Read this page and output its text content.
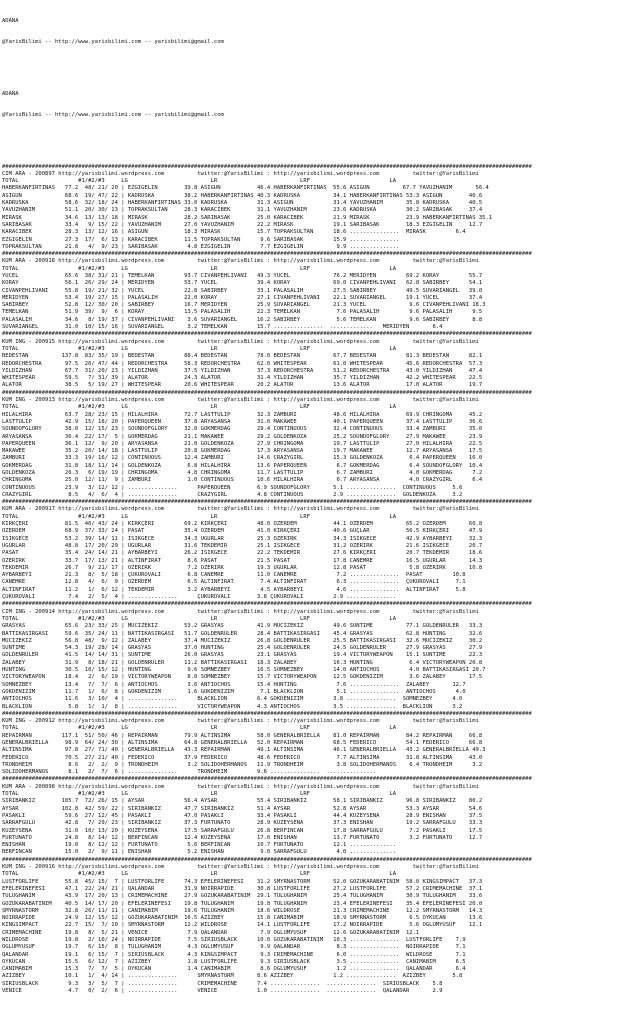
ADANA

@YarisBilimi -- http://www.yarisbilimi.com -- yarisbilimi@gmail.com

ADANA

@YarisBilimi -- http://www.yarisbilimi.com -- yarisbilimi@gmail.com

################################################################################################################################################################
CIM ARA - 200897 http://yarisbilimi.wordpress.com          twitter:@YarisBilimi : http://yarisbilimi.wordpress.com          twitter:@YarisBilimi
TOTAL                  #1/#2/#3     LG                         LR                         LRF                        LA
HABERKANFIRTINAS   77.2  48/ 21/ 20 | EZGIGELIN        39.8 ASIGÜN           46.4 HABERKANFIRTINAS  55.6 ASIGÜN          67.7 YAVUZHANIM       56.4
ASIGÜN             68.6  19/ 47/ 22 | KADRUSKA         38.2 HABERKANFIRTINAS 40.3 KADRUSKA          34.1 HABERKANFIRTINAS 53.3 ASIGÜN        40.6
KADRUSKA           58.6  32/ 18/ 24 | HABERKANFIRTINAS 33.0 KADRUSKA         31.3 ASIGÜN            31.4 YAVUZHANIM       35.8 KADRUSKA      40.5
YAVUZHANIM         51.1  20/ 30/ 13 | TOPRAKSULTAN     28.3 KARACIBEK        31.1 YAVUZHANIM        23.6 KADRUSKA         30.2 SARIBASAK     37.4
MIRASK             34.6  13/ 13/ 18 | MIRASK           28.2 SARIBASAK        25.0 KARACIBEK         21.9 MIRASK           23.9 HABERKANFIRTINAS 35.1
SARIBASAK          33.4   9/ 15/ 22 | YAVUZHANIM       27.0 YAVUZHANIM       22.2 MIRASK            19.1 SARIBASAK        18.3 EZGIGELIN     12.7
KARACIBEK          28.3  13/ 12/ 16 | ASIGÜN           18.3 MIRASK           15.7 TOPRAKSULTAN      18.6 ...............  MIRASK         6.4
EZGIGELIN          27.3  17/  6/ 13 | KARACIBEK        11.5 TOPRAKSULTAN      9.6 SARIBASAK         15.9 ...............
TOPRAKSULTAN       21.8   4/  9/ 23 | SARIBASAK         4.8 EZGIGELIN         7.7 EZGIGELIN          9.9 ...............
################################################################################################################################################################
KUM ARA - 200918 http://yarisbilimi.wordpress.com          twitter:@YarisBilimi : http://yarisbilimi.wordpress.com          twitter:@YarisBilimi
TOTAL                  #1/#2/#3     LG                         LR                         LRF                        LA
YÜCEL              65.6  38/ 31/ 21 | TEMELKAN         93.7 CIVANPEHLIVANI   49.3 YÜCEL             76.2 MERIDYEN         69.2 KORAY         55.7
KORAY              56.1  26/ 29/ 24 | MERIDYEN         53.7 YÜCEL            39.4 KORAY             69.0 CIVANPEHLIVANI   62.8 SABIRBEY      54.1
CIVANPEHLIVANI     55.8  19/ 21/ 32 | YÜCEL            22.8 SABIRBEY         33.1 PALASALIH         27.5 SABIRBEY         49.5 SÜVARIANGEL   39.0
MERIDYEN           53.4  19/ 27/ 15 | PALASALIH        22.0 KORAY            27.1 CIVANPEHLIVANI    22.1 SÜVARIANGEL      19.1 YÜCEL         37.4
SABIRBEY           52.8  12/ 30/ 20 | SABIRBEY         16.7 MERIDYEN         25.9 SÜVARIANGEL       21.3 YÜCEL             9.6 CIVANPEHLIVANI 18.3
TEMELKAN           51.9  39/  9/  6 | KORAY            13.5 PALASALIH        22.3 TEMELKAN           7.6 PALASALIH         9.6 PALASALIH      9.5
PALASALIH          34.6   8/ 19/ 37 | CIVANPEHLIVANI    3.6 SÜVARIANGEL      16.2 SABIRBEY           5.6 TEMELKAN          9.6 SABIRBEY       8.8
SÜVARIANGEL        31.0  10/ 15/ 16 | SÜVARIANGEL       3.2 TEMELKAN         15.7 ...............  .............   MERIDYEN       6.4
################################################################################################################################################################
KUM ING - 200915 http://yarisbilimi.wordpress.com          twitter:@YarisBilimi : http://yarisbilimi.wordpress.com          twitter:@YarisBilimi
TOTAL                  #1/#2/#3     LG                         LR                         LRF                        LA
BEDESTAN          137.8  83/ 35/ 19 | BEDESTAN         88.4 BEDESTAN         78.0 BEDESTAN          67.7 BEDESTAN         81.3 BEDESTAN      82.1
REDORCHESTRA       97.5  26/ 47/ 44 | REDORCHESTRA     58.3 REDORCHESTRA     62.0 WHITESPEAR        61.0 WHITESPEAR       45.6 REDORCHESTRA  57.3
YILDIZHAN          67.7  31/ 20/ 23 | YILDIZHAN        37.5 YILDIZHAN        37.3 REDORCHESTRA      51.2 REDORCHESTRA     43.0 YILDIZHAN     47.4
WHITESPEAR         59.5   7/ 31/ 39 | ALATOR           24.3 ALATOR           31.4 YILDIZHAN         35.7 YILDIZHAN        42.2 WHITESPEAR    22.5
ALATOR             38.5   5/ 19/ 27 | WHITESPEAR       20.6 WHITESPEAR       20.2 ALATOR            13.6 ALATOR           17.0 ALATOR        19.7
################################################################################################################################################################
KUM ING - 200913 http://yarisbilimi.wordpress.com          twitter:@YarisBilimi : http://yarisbilimi.wordpress.com          twitter:@YarisBilimi
TOTAL                  #1/#2/#3     LG                         LR                         LRF                        LA
HILALHIRA          63.7  28/ 23/ 15 | HILALHIRA        72.7 LASTTULIP        32.3 ZAMBURI           48.6 HILALHIRA        69.9 CHRINGOMA     45.2
LASTTULIP          42.9  15/ 18/ 20 | PAPERQUEEN       37.8 ARYASANSA        31.0 MAKAWEE           40.1 PAPERQUEEN       37.4 LASTTULIP     36.6
SOUNDOFGLORY       38.0  12/ 15/ 23 | SOUNDOFGLORY     32.0 GÖKMERDAG        29.4 CONTINUOUS        32.4 CONTINUOUS       33.4 ZAMBURI       35.0
ARYASANSA          36.4  22/ 17/  5 | GÖKMERDAG        21.1 MAKAWEE          29.2 GOLDENKOZA        25.2 SOUNDOFGLORY     27.9 MAKAWEE       23.9
PAPERQUEEN         36.1  12/  9/ 20 | ARYASANSA        21.0 GOLDENKOZA       27.9 CHRINGOMA         19.7 LASTTULIP        27.0 HILALHIRA     22.5
MAKAWEE            35.2  20/ 14/ 18 | LASTTULIP        20.8 GÖKMERDAG        17.3 ARYASANSA         19.7 MAKAWEE          12.7 ARYASANSA     17.5
ZAMBURI            33.3  19/ 16/ 12 | CONTINUOUS       12.4 ZAMBURI          14.6 CRAZYGIRL         15.3 GOLDENKOZA        6.4 PAPERQUEEN    16.0
GÖKMERDAG          31.8  18/ 11/ 14 | GOLDENKOZA        6.8 HILALHIRA        13.6 PAPERQUEEN         6.7 GÖKMERDAG         6.4 SOUNDOFGLORY  10.4
GOLDENKOZA         26.3   6/ 19/ 19 | CHRINGOMA         4.8 CHRINGOMA        11.7 LASTTULIP          6.7 ZAMBURI           4.0 GÖKMERDAG      7.2
CHRINGOMA          25.0  12/ 11/  9 | ZAMBURI           1.0 CONTINUOUS       10.6 HILALHIRA          6.7 ARYASANSA         4.0 CRAZYGIRL      6.4
CONTINUOUS         23.9   3/ 12/ 12 | ...............      PAPERQUEEN        6.9 SOUNDOFGLORY       5.1 ...............  CONTINUOUS     5.6
CRAZYGIRL           8.5   4/  6/  4 | ...............      CRAZYGIRL         4.8 CONTINUOUS         2.9 ...............  GOLDENKOZA     3.2
################################################################################################################################################################
KUM ARA - 200917 http://yarisbilimi.wordpress.com          twitter:@YarisBilimi : http://yarisbilimi.wordpress.com          twitter:@YarisBilimi
TOTAL                  #1/#2/#3     LG                         LR                         LRF                        LA
KIRKÇERI           81.5  46/ 43/ 24 | KIRKÇERI         69.2 KIRKÇERI         48.0 ÖZERDEM           44.1 ÖZERDEM          65.2 ÖZERDEM       60.8
ÖZERDEM            68.9  37/ 33/ 24 | PASAT            35.4 ÖZERDEM          41.0 KIRKÇERI          40.6 GUÇLAR           56.5 KIRKÇERI      47.9
ISIKGECE           53.2  39/ 14/ 11 | ISIKGECE         34.3 UGURLAR          25.3 ÖZERIRK           34.3 ISIKGECE         42.9 AYBARBEYI     32.3
UGURLAR            48.8  17/ 20/ 29 | UGURLAR          31.6 TEKDEMIR         25.1 ISIKGECE          31.2 ÖZERIRK          21.6 ISIKGECE      20.7
PASAT              35.4  24/ 14/ 21 | AYBARBEYI        26.2 ISIKGECE         22.2 TEKDEMIR          27.6 KIRKÇERI         20.7 TEKDEMIR      18.6
ÖZERIRK            33.7  17/ 13/ 21 | ALTINFIRAT        8.6 PASAT            21.5 PASAT             17.8 CANEMRE          16.5 UGURLAR       14.3
TEKDEMIR           26.7   9/ 21/ 17 | ÖZERIRK           7.2 ÖZERIRK          19.3 UGURLAR           12.8 PASAT             5.8 ÖZERIRK       10.8
AYBARBEYI          21.3   8/  5/ 18 | ÇUKUROVALI        6.8 CANEMRE          11.0 CANEMRE            7.2 ...............  PASAT         10.8
CANEMRE            12.8   4/  6/  9 | ÖZERDEM           6.5 ALTINFIRAT        7.4 ALTINFIRAT         6.3 ...............  ÇUKUROVALI     7.1
ALTINFIRAT         11.2   1/  6/ 12 | TEKDEMIR          3.2 AYBARBEYI         4.5 AYBARBEYI          4.6 ...............  ALTINFIRAT     5.8
ÇUKUROVALI          7.4   2/  5/  4 | ...............      ÇUKUROVALI        3.8 ÇUKUROVALI         2.9 ...............
################################################################################################################################################################
CIM ING - 200914 http://yarisbilimi.wordpress.com          twitter:@YarisBilimi : http://yarisbilimi.wordpress.com          twitter:@YarisBilimi
TOTAL                  #1/#2/#3     LG                         LR                         LRF                        LA
GRASYAS            65.6  23/ 33/ 25 | MUCIZEKIZ        53.2 GRASYAS          41.9 MUCIZEKIZ         49.6 SUNTIME          77.1 GOLDENRULER   33.3
BATTIKASIRGASI     59.6  35/ 24/ 11 | BATTIKASIRGASI   51.7 GOLDENRULER      28.4 BATTIKASIRGASI    45.4 GRASYAS          62.8 HUNTING       32.6
MUCIZEKIZ          56.8  48/  9/ 12 | ZALABEY          37.4 MUCIZEKIZ        26.8 GOLDENRULER       25.5 BATTIKASIRGASI   32.6 MUCIZEKIZ     30.2
SUNTIME            54.3  19/ 28/ 14 | GRASYAS          37.0 HUNTING          25.4 GOLDENRULER       24.5 GOLDENRULER      27.9 GRASYAS       27.9
GOLDENRULER        41.5  14/ 14/ 31 | SUNTIME          26.0 GRASYAS          23.1 GRASYAS           19.4 VICTORYWEAPON    15.1 SUNTIME       22.3
ZALABEY            31.9   8/ 18/ 21 | GOLDENRULER      11.2 BATTIKASIRGASI   18.3 ZALABEY           16.3 HUNTING           6.4 VICTORYWEAPON 20.8
HUNTING            30.5  10/ 15/ 12 | HUNTING           9.6 SÖMNEZBEY        16.5 SÖMNEZBEY         14.0 ANTIOCHOS         4.0 BATTIKASIRGASI 20.7
VICTORYWEAPON      18.4   2/  6/ 19 | VICTORYWEAPON     8.0 SÖMNEZBEY        15.7 VICTORYWEAPON     12.5 GÖKDENIZIM        3.6 ZALABEY       17.5
SÖMNEZBEY          13.4   7/  7/  6 | ANTIOCHOS         3.6 ANTIOCHOS        15.4 HUNTING            7.6 ...............  ZALABEY       12.7
GÖKDENIZIM         11.7   1/  6/  8 | GÖKDENIZIM        1.6 GÖKDENIZIM        7.1 BLACKLION          5.1 ...............  ANTIOCHOS      4.0
ANTIOCHOS          11.6   3/ 10/  4 | ...............      BLACKLION         6.4 GÖKDENIZIM         3.8 ...............  SÖMNEZBEY      4.0
BLACKLION           5.8   1/  1/  8 | ...............      VICTORYWEAPON     4.3 ANTIOCHOS          3.5 ...............  BLACKLION      3.2
################################################################################################################################################################
KUM ING - 200912 http://yarisbilimi.wordpress.com          twitter:@YarisBilimi : http://yarisbilimi.wordpress.com          twitter:@YarisBilimi
TOTAL                  #1/#2/#3     LG                         LR                         LRF                        LA
REPAIRMAN         117.1  51/ 50/ 46 | REPAIRMAN        79.9 ALTINSIMA        58.0 GENERALBRIELLA    81.0 REPAIRMAN        84.2 REPAIRMAN     66.8
GENERALBRIELLA     98.9  64/ 24/ 30 | ALTINSIMA        64.8 GENERALBRIELLA   52.0 REPAIRMAN         68.5 FEDERICO         54.1 FEDERICO      66.8
ALTINSIMA          97.8  27/ 71/ 40 | GENERALBRIELLA   43.3 REPAIRMAN        49.1 ALTINSIMA         46.1 GENERALBRIELLA   43.2 GENERALBRIELLA 49.3
FEDERICO           70.5  27/ 21/ 40 | FEDERICO         37.9 FEDERICO         48.6 FEDERICO           7.7 ALTINSIMA        31.8 ALTINSIMA     43.0
TRONDHEIM           8.6   2/  2/  9 | TRONDHEIM         3.2 SOLIDOHERMANOS   11.9 TRONDHEIM          3.8 SOLIDOHERMANOS    6.4 TRONDHEIM      3.2
SOLIDOHERMANOS      8.1   2/  7/  6 | ...............      TRONDHEIM         9.6 ...............  ...............
################################################################################################################################################################
KUM ARA - 200898 http://yarisbilimi.wordpress.com          twitter:@YarisBilimi : http://yarisbilimi.wordpress.com          twitter:@YarisBilimi
TOTAL                  #1/#2/#3     LG                         LR                         LRF                        LA
SIRIBANKIZ        105.7  72/ 26/ 15 | AYSAR            56.4 AYSAR            55.4 SIRIBANKIZ        58.1 SIRIBANKIZ       96.8 SIRIBANKIZ    80.2
AYSAR             102.8  42/ 59/ 22 | SIRIBANKIZ       47.7 SIRIBANKIZ       51.4 AYSAR             52.8 AYSAR            53.3 AYSAR         54.6
PASAKLI            59.6  27/ 12/ 45 | PASAKLI          47.0 PASAKLI          33.4 PASAKLI           44.4 KUZEYSENA        28.9 ENISHAN       37.5
SARRAFGÜLÜ         42.8   7/ 29/ 23 | SIRIBANKIZ       37.3 FURTUNATO        28.9 KUZEYSENA         37.3 ENISHAN          19.2 SARRAFGÜLÜ    33.3
KUZEYSENA          31.0  10/ 13/ 20 | KUZEYSENA        17.5 SARRAFGÜLÜ       26.8 BERFINCAN         17.8 SARRAFGÜLÜ        7.2 PASAKLI       17.5
FURTUNATO          24.8   8/ 14/ 12 | BERFINCAN        12.4 KUZEYSENA        17.0 ENISHAN           13.7 FURTUNATO         3.2 FURTUNATO     12.7
ENISHAN            19.0   8/ 12/ 12 | FURTUNATO         5.6 BERFINCAN        10.7 FURTUNATO         12.1 ..............
BERFINCAN          15.0   2/  9/ 11 | ENISHAN           5.2 ENISHAN           9.0 SARRAFGÜLÜ         4.0 ..............
################################################################################################################################################################
KUM ING - 200916 http://yarisbilimi.wordpress.com          twitter:@YarisBilimi : http://yarisbilimi.wordpress.com          twitter:@YarisBilimi
TOTAL                  #1/#2/#3     LG                         LR                         LRF                        LA
LUSTFORLIFE        55.8  45/ 15/  7 | LUSTFORLIFE      74.3 EFELERINEFESI    31.2 SMYRNASTORM       52.0 GÖZÜKARABATINIM  58.0 KINGSIMPACT   37.3
EFELERINEFESI      47.1  22/ 24/ 21 | QALANDAR         31.9 NOIRRAPIDE       30.8 LUSTFORLIFE       27.2 LUSTFORLIFE      57.2 CRIMEMACHINE  37.1
TULUGHANIM         43.9  17/ 20/ 13 | CRIMEMACHINE     27.9 GÖZÜKARABATINIM  29.1 TULUGHANIM        25.4 TULUGHANIM       30.9 TULUGHANIM    33.6
GÖZÜKARABATINIM    40.5  14/ 17/ 20 | EFELERINEFESI    19.8 TULUGHANIM       19.8 TULUGHANIM        23.4 EFELERINEFESI    35.4 EFELERINEFESI 20.0
SMYRNASTORM        32.8  26/ 11/ 11 | CANIMABIM        19.6 TULUGHANIM       18.6 WILDROSE          21.3 CRIMEMACHINE     12.2 SMYRNASTORM   14.3
NOIRRAPIDE         24.9  12/ 15/ 12 | GÖZÜKARABATINIM  16.5 AZIZBEY          15.8 CANIMABIM         18.9 SMYRNASTORM       6.5 ÖYKÜCAN       13.6
KINGSIMPACT        22.7  15/  7/ 10 | SMYRNASTORM      12.2 WILDROSE         14.1 LUSTFORLIFE       17.2 NOIRRAPIDE        5.6 OGLUMYUSUF    12.1
CRIMEMACHINE       19.8   8/  5/ 21 | VENICE            7.9 QALANDAR          7.9 OGLUMYUSUF        12.6 GÖZÜKARABATINIM  12.1
WILDROSE           19.8   2/ 10/ 24 | NOIRRAPIDE        7.5 SIRIUSBLACK      10.0 GÖZÜKARABATINIM   10.3 ...............  LUSTFORLIFE    7.9
OGLUMYUSUF         19.7   6/ 15/  8 | TULUGHANIM        4.3 OGLUMYUSUF        9.9 QALANDAR           8.3 ...............  NOIRRAPIDE     7.1
QALANDAR           19.1   6/ 15/  7 | SIRIUSBLACK       4.3 KINGSIMPACT       9.3 CRIMEMACHINE       6.0 ...............  WILDROSE       7.1
ÖYKÜCAN            15.5   6/ 12/  7 | AZIZBEY           1.8 LUSTFORLIFE       9.3 SIRIUSBLACK        3.5 ...............  CANIMABIM      6.5
CANIMABIM          15.3   7/  7/  5 | ÖYKÜCAN           1.4 CANIMABIM         8.6 OGLUMYUSUF         1.2 ...............  QALANDAR       6.4
AZIZBEY            10.1   1/  4/ 14 | ...............      SMYRNASTORM       8.6 AZIZBEY            1.2 ...............  AZIZBEY        5.8
SIRIUSBLACK         9.3   3/  5/  7 | ...............      CRIMEMACHINE      7.4 ...............  ...............  SIRIUSBLACK    5.8
VENICE              4.7   0/  2/  6 | ...............      VENICE            1.0 ...............  ...............  QALANDAR       2.9
